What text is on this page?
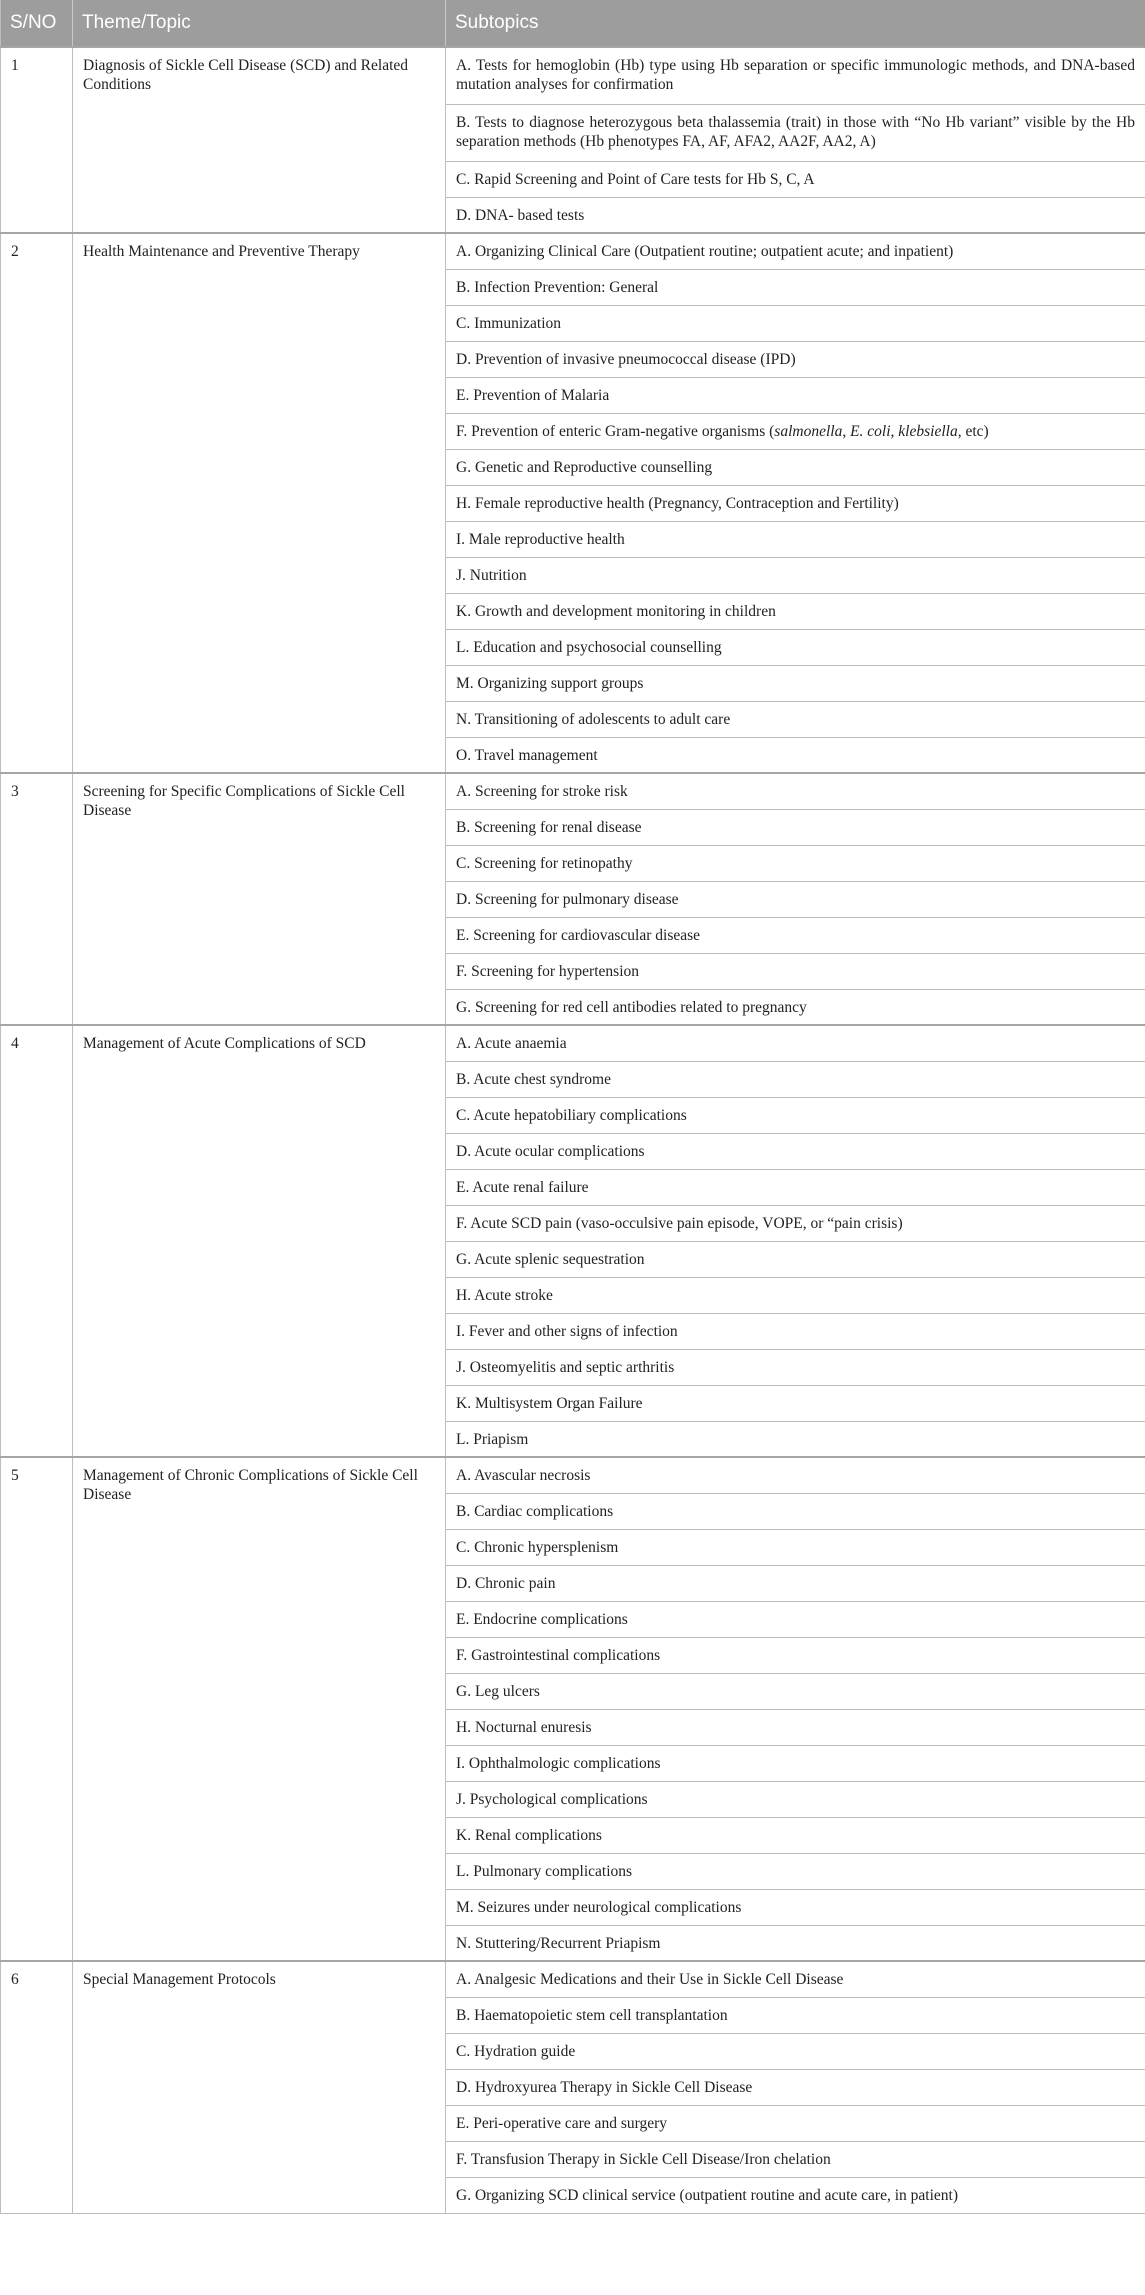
S/NO	Theme/Topic	Subtopics
1	Diagnosis of Sickle Cell Disease (SCD) and Related Conditions	A. Tests for hemoglobin (Hb) type using Hb separation or specific immunologic methods, and DNA-based mutation analyses for confirmation
		B. Tests to diagnose heterozygous beta thalassemia (trait) in those with “No Hb variant” visible by the Hb separation methods (Hb phenotypes FA, AF, AFA2, AA2F, AA2, A)
		C. Rapid Screening and Point of Care tests for Hb S, C, A
		D. DNA- based tests
2	Health Maintenance and Preventive Therapy	A. Organizing Clinical Care (Outpatient routine; outpatient acute; and inpatient)
		B. Infection Prevention: General
		C. Immunization
		D. Prevention of invasive pneumococcal disease (IPD)
		E. Prevention of Malaria
		F. Prevention of enteric Gram-negative organisms (salmonella, E. coli, klebsiella, etc)
		G. Genetic and Reproductive counselling
		H. Female reproductive health (Pregnancy, Contraception and Fertility)
		I. Male reproductive health
		J. Nutrition
		K. Growth and development monitoring in children
		L. Education and psychosocial counselling
		M. Organizing support groups
		N. Transitioning of adolescents to adult care
		O. Travel management
3	Screening for Specific Complications of Sickle Cell Disease	A. Screening for stroke risk
		B. Screening for renal disease
		C. Screening for retinopathy
		D. Screening for pulmonary disease
		E. Screening for cardiovascular disease
		F. Screening for hypertension
		G. Screening for red cell antibodies related to pregnancy
4	Management of Acute Complications of SCD	A. Acute anaemia
		B. Acute chest syndrome
		C. Acute hepatobiliary complications
		D. Acute ocular complications
		E. Acute renal failure
		F. Acute SCD pain (vaso-occulsive pain episode, VOPE, or “pain crisis)
		G. Acute splenic sequestration
		H. Acute stroke
		I. Fever and other signs of infection
		J. Osteomyelitis and septic arthritis
		K. Multisystem Organ Failure
		L. Priapism
5	Management of Chronic Complications of Sickle Cell Disease	A. Avascular necrosis
		B. Cardiac complications
		C. Chronic hypersplenism
		D. Chronic pain
		E. Endocrine complications
		F. Gastrointestinal complications
		G. Leg ulcers
		H. Nocturnal enuresis
		I. Ophthalmologic complications
		J. Psychological complications
		K. Renal complications
		L. Pulmonary complications
		M. Seizures under neurological complications
		N. Stuttering/Recurrent Priapism
6	Special Management Protocols	A. Analgesic Medications and their Use in Sickle Cell Disease
		B. Haematopoietic stem cell transplantation
		C. Hydration guide
		D. Hydroxyurea Therapy in Sickle Cell Disease
		E. Peri-operative care and surgery
		F. Transfusion Therapy in Sickle Cell Disease/Iron chelation
		G. Organizing SCD clinical service (outpatient routine and acute care, in patient)
